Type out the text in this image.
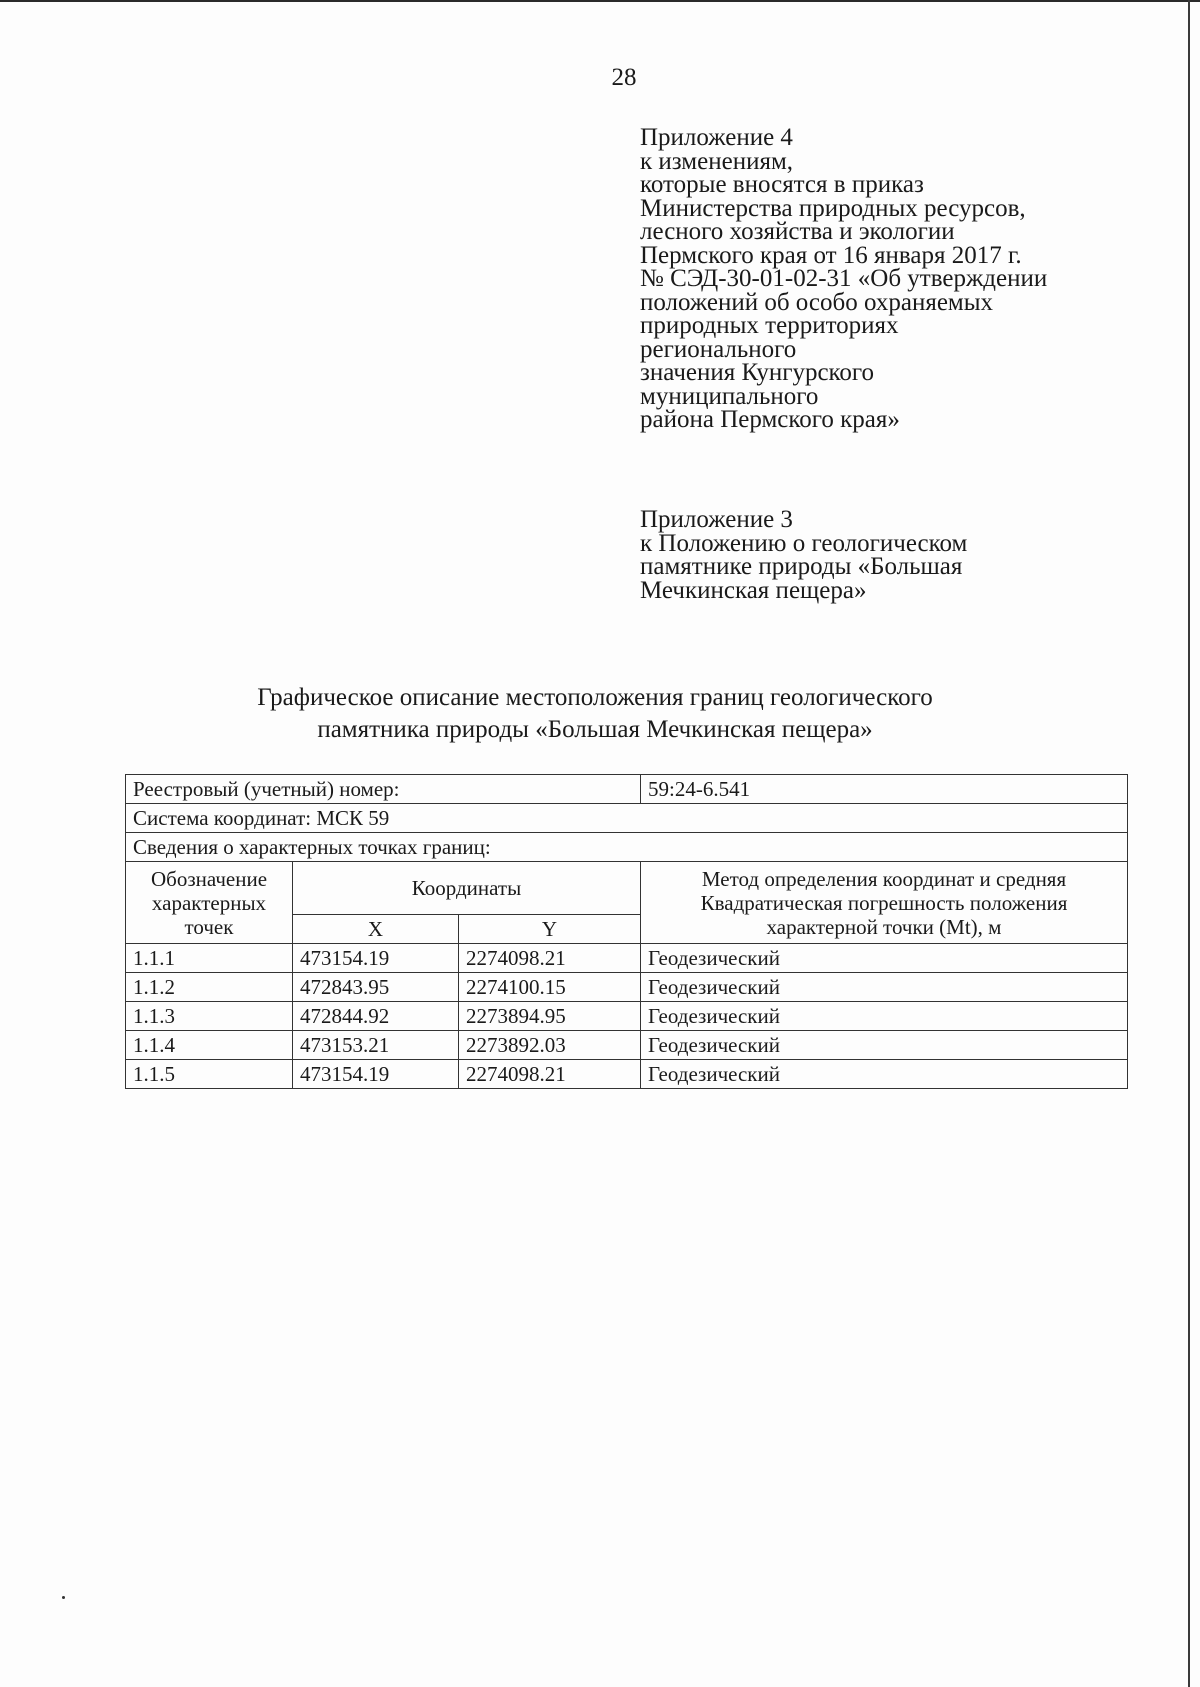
28
Приложение 4
к изменениям,
которые вносятся в приказ
Министерства природных ресурсов,
лесного хозяйства и экологии
Пермского края от 16 января 2017 г.
№ СЭД-30-01-02-31 «Об утверждении
положений об особо охраняемых
природных территориях
регионального
значения Кунгурского
муниципального
района Пермского края»
Приложение 3
к Положению о геологическом
памятнике природы «Большая
Мечкинская пещера»
Графическое описание местоположения границ геологического
памятника природы «Большая Мечкинская пещера»
Реестровый (учетный) номер:			59:24-6.541
Система координат: МСК 59			
Сведения о характерных точках границ:			
Обозначение характерных точек	Координаты		Метод определения координат и средняя Квадратическая погрешность положения характерной точки (Mt), м
	X	Y	
1.1.1	473154.19	2274098.21	Геодезический
1.1.2	472843.95	2274100.15	Геодезический
1.1.3	472844.92	2273894.95	Геодезический
1.1.4	473153.21	2273892.03	Геодезический
1.1.5	473154.19	2274098.21	Геодезический
